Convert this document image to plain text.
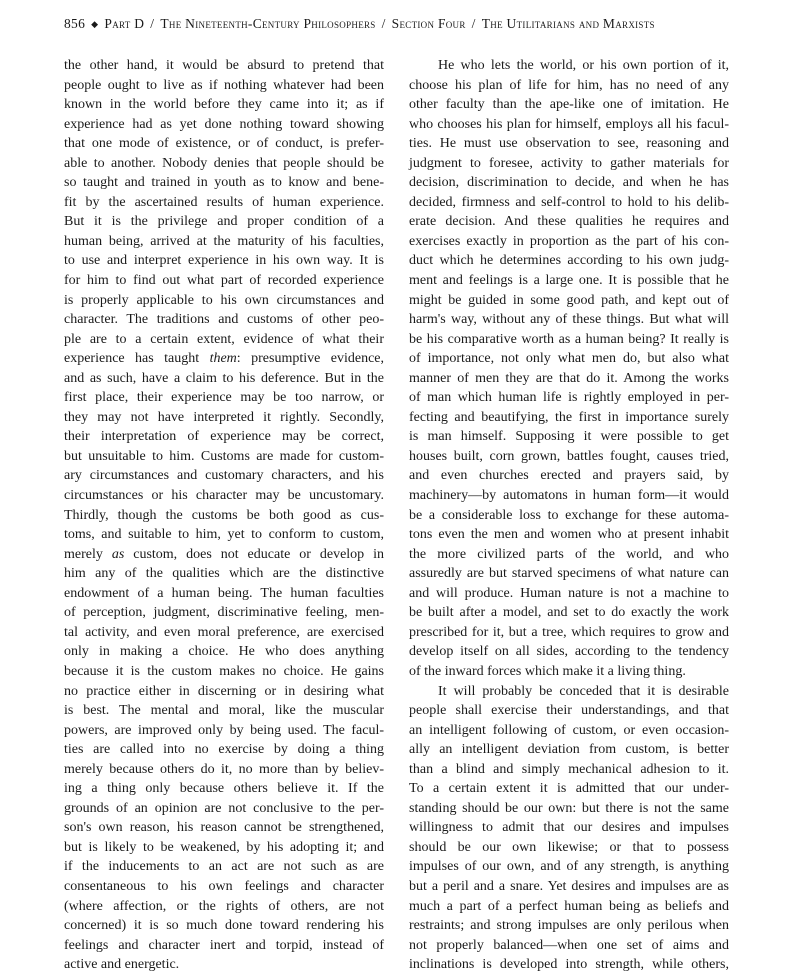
856 ◆ Part D / The Nineteenth-Century Philosophers / Section Four / The Utilitarians and Marxists
the other hand, it would be absurd to pretend that
people ought to live as if nothing whatever had been
known in the world before they came into it; as if
experience had as yet done nothing toward showing
that one mode of existence, or of conduct, is prefer-
able to another. Nobody denies that people should be
so taught and trained in youth as to know and bene-
fit by the ascertained results of human experience.
But it is the privilege and proper condition of a
human being, arrived at the maturity of his faculties,
to use and interpret experience in his own way. It is
for him to find out what part of recorded experience
is properly applicable to his own circumstances and
character. The traditions and customs of other peo-
ple are to a certain extent, evidence of what their
experience has taught them: presumptive evidence,
and as such, have a claim to his deference. But in the
first place, their experience may be too narrow, or
they may not have interpreted it rightly. Secondly,
their interpretation of experience may be correct,
but unsuitable to him. Customs are made for custom-
ary circumstances and customary characters, and his
circumstances or his character may be uncustomary.
Thirdly, though the customs be both good as cus-
toms, and suitable to him, yet to conform to custom,
merely as custom, does not educate or develop in
him any of the qualities which are the distinctive
endowment of a human being. The human faculties
of perception, judgment, discriminative feeling, men-
tal activity, and even moral preference, are exercised
only in making a choice. He who does anything
because it is the custom makes no choice. He gains
no practice either in discerning or in desiring what
is best. The mental and moral, like the muscular
powers, are improved only by being used. The facul-
ties are called into no exercise by doing a thing
merely because others do it, no more than by believ-
ing a thing only because others believe it. If the
grounds of an opinion are not conclusive to the per-
son's own reason, his reason cannot be strengthened,
but is likely to be weakened, by his adopting it; and
if the inducements to an act are not such as are
consentaneous to his own feelings and character
(where affection, or the rights of others, are not
concerned) it is so much done toward rendering his
feelings and character inert and torpid, instead of
active and energetic.
He who lets the world, or his own portion of it,
choose his plan of life for him, has no need of any
other faculty than the ape-like one of imitation. He
who chooses his plan for himself, employs all his facul-
ties. He must use observation to see, reasoning and
judgment to foresee, activity to gather materials for
decision, discrimination to decide, and when he has
decided, firmness and self-control to hold to his delib-
erate decision. And these qualities he requires and
exercises exactly in proportion as the part of his con-
duct which he determines according to his own judg-
ment and feelings is a large one. It is possible that he
might be guided in some good path, and kept out of
harm's way, without any of these things. But what will
be his comparative worth as a human being? It really is
of importance, not only what men do, but also what
manner of men they are that do it. Among the works
of man which human life is rightly employed in per-
fecting and beautifying, the first in importance surely
is man himself. Supposing it were possible to get
houses built, corn grown, battles fought, causes tried,
and even churches erected and prayers said, by
machinery—by automatons in human form—it would
be a considerable loss to exchange for these automa-
tons even the men and women who at present inhabit
the more civilized parts of the world, and who
assuredly are but starved specimens of what nature can
and will produce. Human nature is not a machine to
be built after a model, and set to do exactly the work
prescribed for it, but a tree, which requires to grow and
develop itself on all sides, according to the tendency
of the inward forces which make it a living thing.
It will probably be conceded that it is desirable
people shall exercise their understandings, and that
an intelligent following of custom, or even occasion-
ally an intelligent deviation from custom, is better
than a blind and simply mechanical adhesion to it.
To a certain extent it is admitted that our under-
standing should be our own: but there is not the same
willingness to admit that our desires and impulses
should be our own likewise; or that to possess
impulses of our own, and of any strength, is anything
but a peril and a snare. Yet desires and impulses are as
much a part of a perfect human being as beliefs and
restraints; and strong impulses are only perilous when
not properly balanced—when one set of aims and
inclinations is developed into strength, while others,
